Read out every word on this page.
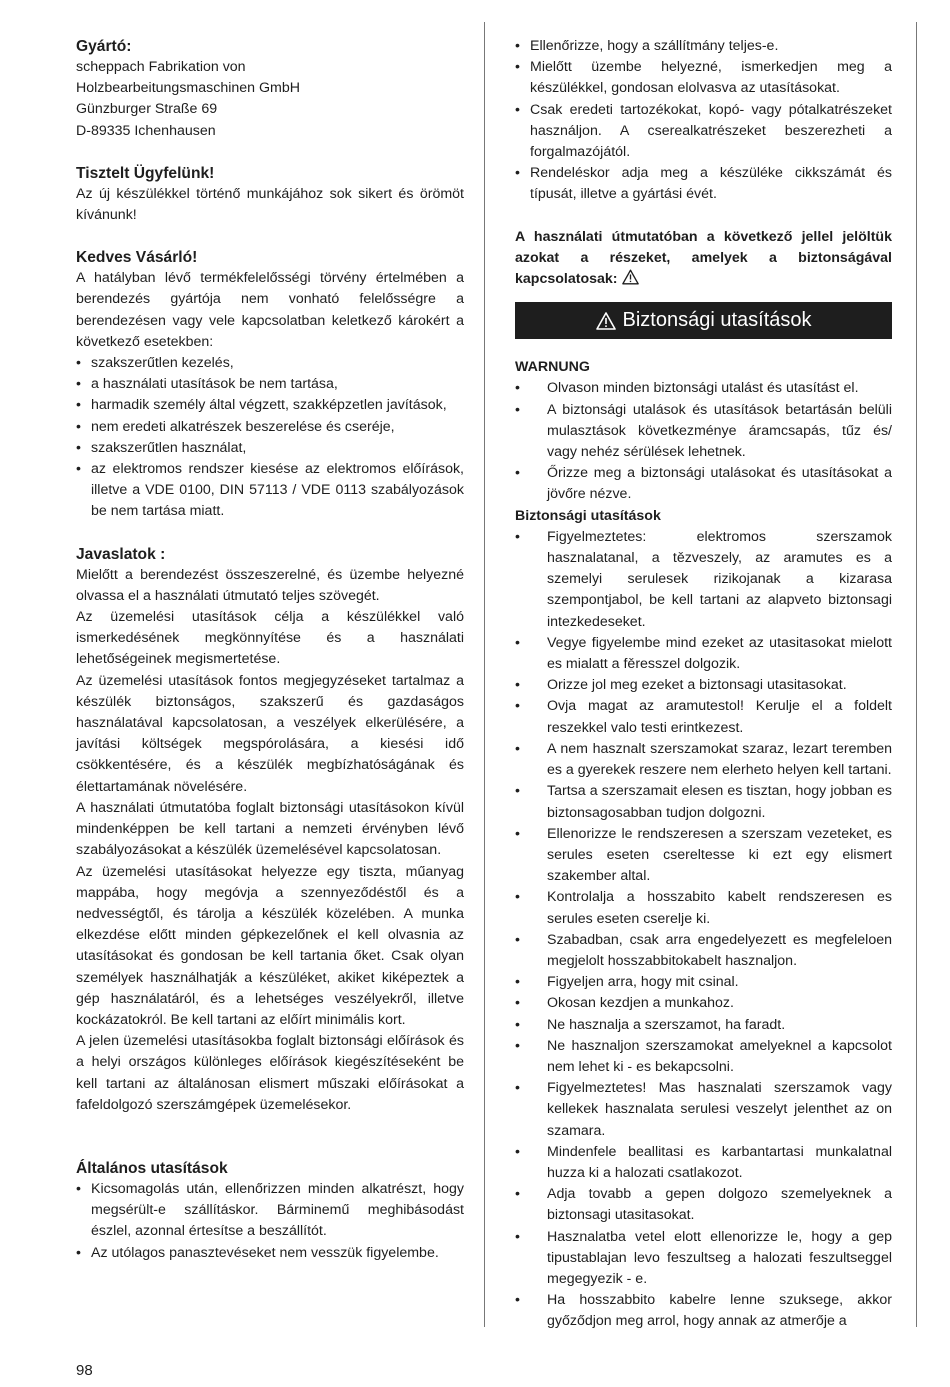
Gyártó:

scheppach Fabrikation von
Holzbearbeitungsmaschinen GmbH
Günzburger Straße 69
D-89335 Ichenhausen

Tisztelt Ügyfelünk!

Az új készülékkel történő munkájához sok sikert és örömöt kívánunk!

Kedves Vásárló!

A hatályban lévő termékfelelősségi törvény értelmében a berendezés gyártója nem vonható felelősségre a berendezésen vagy vele kapcsolatban keletkező károkért a következő esetekben:

• szakszerűtlen kezelés,
• a használati utasítások be nem tartása,
• harmadik személy által végzett, szakképzetlen javítások,
• nem eredeti alkatrészek beszerelése és cseréje,
• szakszerűtlen használat,
• az elektromos rendszer kiesése az elektromos előírások, illetve a VDE 0100, DIN 57113 / VDE 0113 szabályozások be nem tartása miatt.

Javaslatok :

Mielőtt a berendezést összeszerelné, és üzembe helyezné olvassa el a használati útmutató teljes szövegét.

Az üzemelési utasítások célja a készülékkel való ismerkedésének megkönnyítése és a használati lehetőségeinek megismertetése.

Az üzemelési utasítások fontos megjegyzéseket tartalmaz a készülék biztonságos, szakszerű és gazdaságos használatával kapcsolatosan, a veszélyek elkerülésére, a javítási költségek megspórolására, a kiesési idő csökkentésére, és a készülék megbízhatóságának és élettartamának növelésére.

A használati útmutatóba foglalt biztonsági utasításokon kívül mindenképpen be kell tartani a nemzeti érvényben lévő szabályozásokat a készülék üzemelésével kapcsolatosan.

Az üzemelési utasításokat helyezze egy tiszta, műanyag mappába, hogy megóvja a szennyeződéstől és a nedvességtől, és tárolja a készülék közelében. A munka elkezdése előtt minden gépkezelőnek el kell olvasnia az utasításokat és gondosan be kell tartania őket. Csak olyan személyek használhatják a készüléket, akiket kiképeztek a gép használatáról, és a lehetséges veszélyekről, illetve kockázatokról. Be kell tartani az előírt minimális kort.

A jelen üzemelési utasításokba foglalt biztonsági előírások és a helyi országos különleges előírások kiegészítéseként be kell tartani az általánosan elismert műszaki előírásokat a fafeldolgozó szerszámgépek üzemelésekor.

Általános utasítások

• Kicsomagolás után, ellenőrizzen minden alkatrészt, hogy megsérült-e szállításkor. Bárminemű meghibásodást észlel, azonnal értesítse a beszállítót.
• Az utólagos panasztevéseket nem vesszük figyelembe.
• Ellenőrizze, hogy a szállítmány teljes-e.
• Mielőtt üzembe helyezné, ismerkedjen meg a készülékkel, gondosan elolvasva az utasításokat.
• Csak eredeti tartozékokat, kopó- vagy pótalkatrészeket használjon. A cserealkatrészeket beszerezheti a forgalmazójától.
• Rendeléskor adja meg a készüléke cikkszámát és típusát, illetve a gyártási évét.

A használati útmutatóban a következő jellel jelöltük azokat a részeket, amelyek a biztonságával kapcsolatosak:

Biztonsági utasítások

WARNUNG

• Olvason minden biztonsági utalást és utasítást el.
• A biztonsági utalások és utasítások betartásán belüli mulasztások következménye áramcsapás, tűz és/ vagy nehéz sérülések lehetnek.
• Őrizze meg a biztonsági utalásokat és utasításokat a jövőre nézve.

Biztonsági utasítások

• Figyelmeztetes: elektromos szerszamok hasznalatanal, a tězveszely, az aramutes es a szemelyi serulesek rizikojanak a kizarasa szempontjabol, be kell tartani az alapveto biztonsagi intezkedeseket.
• Vegye figyelembe mind ezeket az utasitasokat mielott es mialatt a fěresszel dolgozik.
• Orizze jol meg ezeket a biztonsagi utasitasokat.
• Ovja magat az aramutestol! Kerulje el a foldelt reszekkel valo testi erintkezest.
• A nem hasznalt szerszamokat szaraz, lezart teremben es a gyerekek reszere nem elerheto helyen kell tartani.
• Tartsa a szerszamait elesen es tisztan, hogy jobban es biztonsagosabban tudjon dolgozni.
• Ellenorizze le rendszeresen a szerszam vezeteket, es serules eseten csereltesse ki ezt egy elismert szakember altal.
• Kontrolalja a hosszabito kabelt rendszeresen es serules eseten cserelje ki.
• Szabadban, csak arra engedelyezett es megfeleloen megjelolt hosszabbitokabelt hasznaljon.
• Figyeljen arra, hogy mit csinal.
• Okosan kezdjen a munkahoz.
• Ne hasznalja a szerszamot, ha faradt.
• Ne hasznaljon szerszamokat amelyeknel a kapcsolot nem lehet ki - es bekapcsolni.
• Figyelmeztetes! Mas hasznalati szerszamok vagy kellekek hasznalata serulesi veszelyt jelenthet az on szamara.
• Mindenfele beallitasi es karbantartasi munkalatnal huzza ki a halozati csatlakozot.
• Adja tovabb a gepen dolgozo szemelyeknek a biztonsagi utasitasokat.
• Hasznalatba vetel elott ellenorizze le, hogy a gep tipustablajan levo feszultseg a halozati feszultseggel megegyezik - e.
• Ha hosszabbito kabelre lenne szuksege, akkor győződjon meg arrol, hogy annak az atmerője a
98
